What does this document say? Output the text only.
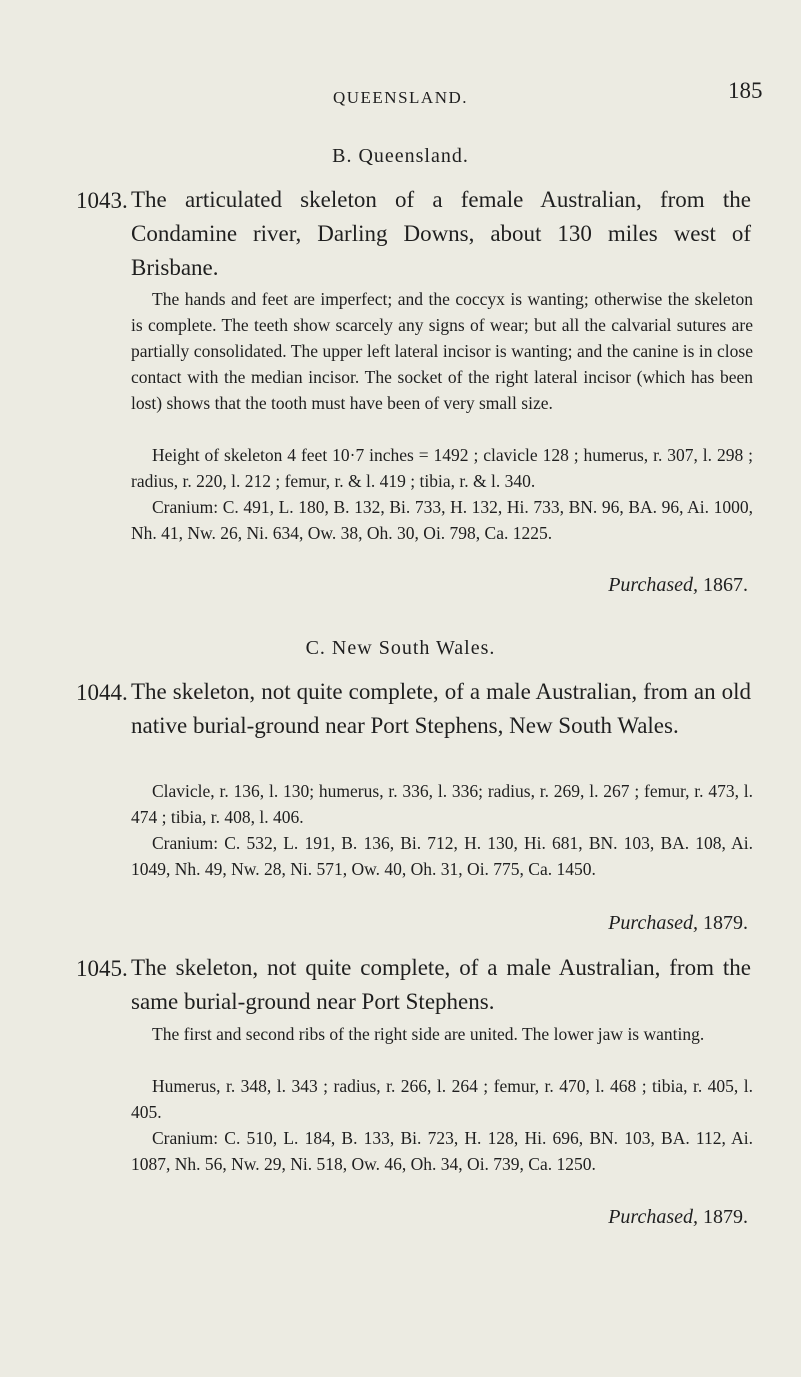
QUEENSLAND.	185
B. Queensland.
1043. The articulated skeleton of a female Australian, from the Condamine river, Darling Downs, about 130 miles west of Brisbane.
The hands and feet are imperfect; and the coccyx is wanting; otherwise the skeleton is complete. The teeth show scarcely any signs of wear; but all the calvarial sutures are partially consolidated. The upper left lateral incisor is wanting; and the canine is in close contact with the median incisor. The socket of the right lateral incisor (which has been lost) shows that the tooth must have been of very small size.
Height of skeleton 4 feet 10·7 inches = 1492 ; clavicle 128 ; humerus, r. 307, l. 298 ; radius, r. 220, l. 212 ; femur, r. & l. 419 ; tibia, r. & l. 340.
Cranium: C. 491, L. 180, B. 132, Bi. 733, H. 132, Hi. 733, BN. 96, BA. 96, Ai. 1000, Nh. 41, Nw. 26, Ni. 634, Ow. 38, Oh. 30, Oi. 798, Ca. 1225.
Purchased, 1867.
C. New South Wales.
1044. The skeleton, not quite complete, of a male Australian, from an old native burial-ground near Port Stephens, New South Wales.
Clavicle, r. 136, l. 130; humerus, r. 336, l. 336; radius, r. 269, l. 267 ; femur, r. 473, l. 474 ; tibia, r. 408, l. 406.
Cranium: C. 532, L. 191, B. 136, Bi. 712, H. 130, Hi. 681, BN. 103, BA. 108, Ai. 1049, Nh. 49, Nw. 28, Ni. 571, Ow. 40, Oh. 31, Oi. 775, Ca. 1450.
Purchased, 1879.
1045. The skeleton, not quite complete, of a male Australian, from the same burial-ground near Port Stephens.
The first and second ribs of the right side are united. The lower jaw is wanting.
Humerus, r. 348, l. 343 ; radius, r. 266, l. 264 ; femur, r. 470, l. 468 ; tibia, r. 405, l. 405.
Cranium: C. 510, L. 184, B. 133, Bi. 723, H. 128, Hi. 696, BN. 103, BA. 112, Ai. 1087, Nh. 56, Nw. 29, Ni. 518, Ow. 46, Oh. 34, Oi. 739, Ca. 1250.
Purchased, 1879.
